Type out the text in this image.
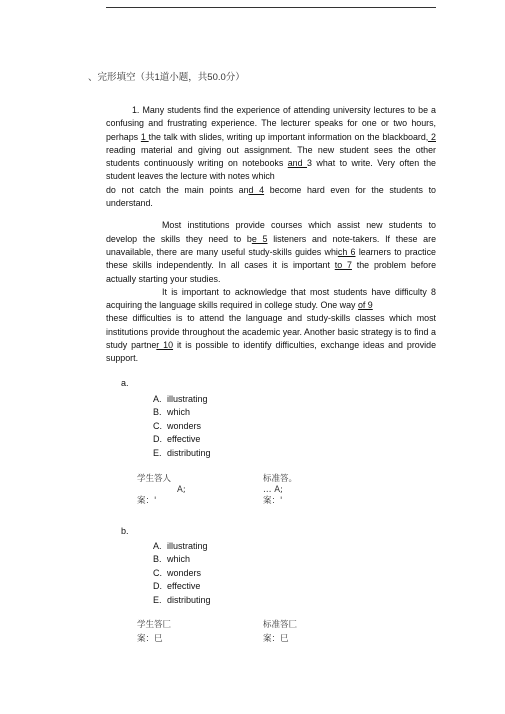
、完形填空（共1道小题，共50.0分）

1. Many students find the experience of attending university lectures to be a confusing and frustrating experience. The lecturer speaks for one or two hours, perhaps 1 the talk with slides, writing up important information on the blackboard, 2 reading material and giving out assignment. The new student sees the other students continuously writing on notebooks and 3 what to write. Very often the student leaves the lecture with notes which

do not catch the main points and 4 become hard even for the students to understand.

Most institutions provide courses which assist new students to develop the skills they need to be 5 listeners and note-takers. If these are unavailable, there are many useful study-skills guides which 6 learners to practice these skills independently. In all cases it is important to 7 the problem before actually starting your studies.

It is important to acknowledge that most students have difficulty 8 acquiring the language skills required in college study. One way of 9

these difficulties is to attend the language and study-skills classes which most institutions provide throughout the academic year. Another basic strategy is to find a study partner 10 it is possible to identify difficulties, exchange ideas and provide support.

a.
A. illustrating
B. which
C. wonders
D. effective
E. distributing
学生答人
A;
案：'
标准答。
… A;
案：'
b.
A. illustrating
B. which
C. wonders
D. effective
E. distributing
学生答匚
案：巳
标准答匚
案：巳
